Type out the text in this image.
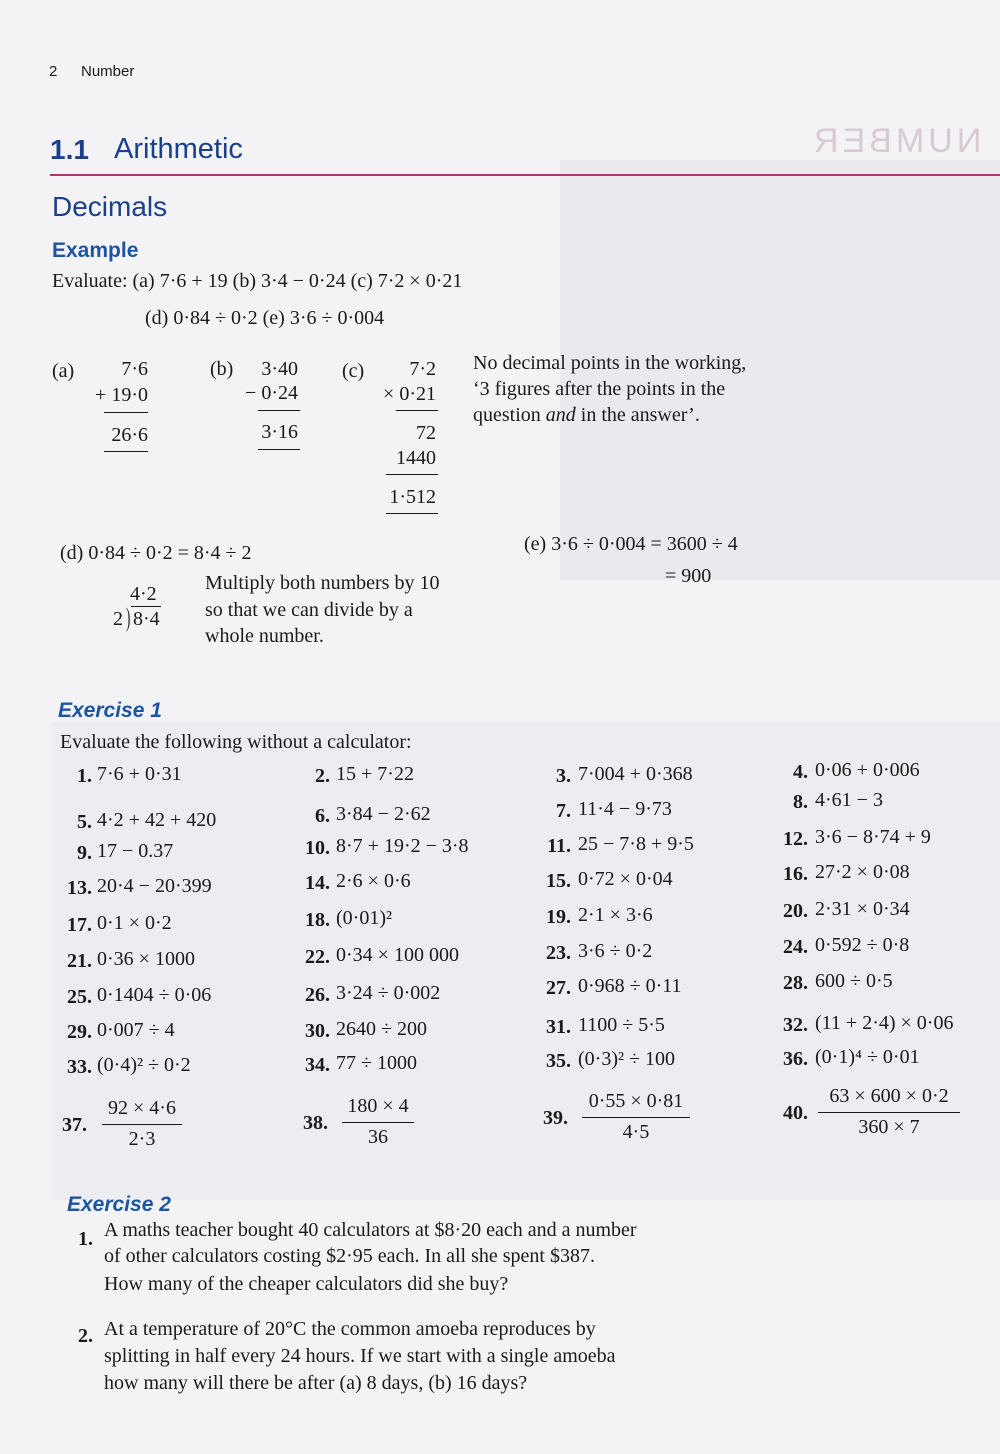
NUMBER
2 Number
1.1 Arithmetic
Decimals
Example
Evaluate: (a) 7·6 + 19 (b) 3·4 − 0·24 (c) 7·2 × 0·21
(d) 0·84 ÷ 0·2 (e) 3·6 ÷ 0·004
(a)	7·6
+ 19·0
26·6
(b)	3·40
− 0·24
3·16
(c)	7·2
× 0·21
72
1440
1·512
No decimal points in the working,
‘3 figures after the points in the
question and in the answer’.
(d) 0·84 ÷ 0·2 = 8·4 ÷ 2
4·2
2 ) 8·4
Multiply both numbers by 10
so that we can divide by a
whole number.
(e) 3·6 ÷ 0·004 = 3600 ÷ 4
= 900
Exercise 1
Evaluate the following without a calculator:
1. 7·6 + 0·31	2. 15 + 7·22	3. 7·004 + 0·368	4. 0·06 + 0·006
5. 4·2 + 42 + 420	6. 3·84 − 2·62	7. 11·4 − 9·73	8. 4·61 − 3
9. 17 − 0.37	10. 8·7 + 19·2 − 3·8	11. 25 − 7·8 + 9·5	12. 3·6 − 8·74 + 9
13. 20·4 − 20·399	14. 2·6 × 0·6	15. 0·72 × 0·04	16. 27·2 × 0·08
17. 0·1 × 0·2	18. (0·01)²	19. 2·1 × 3·6	20. 2·31 × 0·34
21. 0·36 × 1000	22. 0·34 × 100 000	23. 3·6 ÷ 0·2	24. 0·592 ÷ 0·8
25. 0·1404 ÷ 0·06	26. 3·24 ÷ 0·002	27. 0·968 ÷ 0·11	28. 600 ÷ 0·5
29. 0·007 ÷ 4	30. 2640 ÷ 200	31. 1100 ÷ 5·5	32. (11 + 2·4) × 0·06
33. (0·4)² ÷ 0·2	34. 77 ÷ 1000	35. (0·3)² ÷ 100	36. (0·1)⁴ ÷ 0·01
37.
92 × 4·6
2·3
38.
180 × 4
36
39.
0·55 × 0·81
4·5
40.
63 × 600 × 0·2
360 × 7
Exercise 2
1. A maths teacher bought 40 calculators at $8·20 each and a number
of other calculators costing $2·95 each. In all she spent $387.
How many of the cheaper calculators did she buy?
2. At a temperature of 20°C the common amoeba reproduces by
splitting in half every 24 hours. If we start with a single amoeba
how many will there be after (a) 8 days, (b) 16 days?
